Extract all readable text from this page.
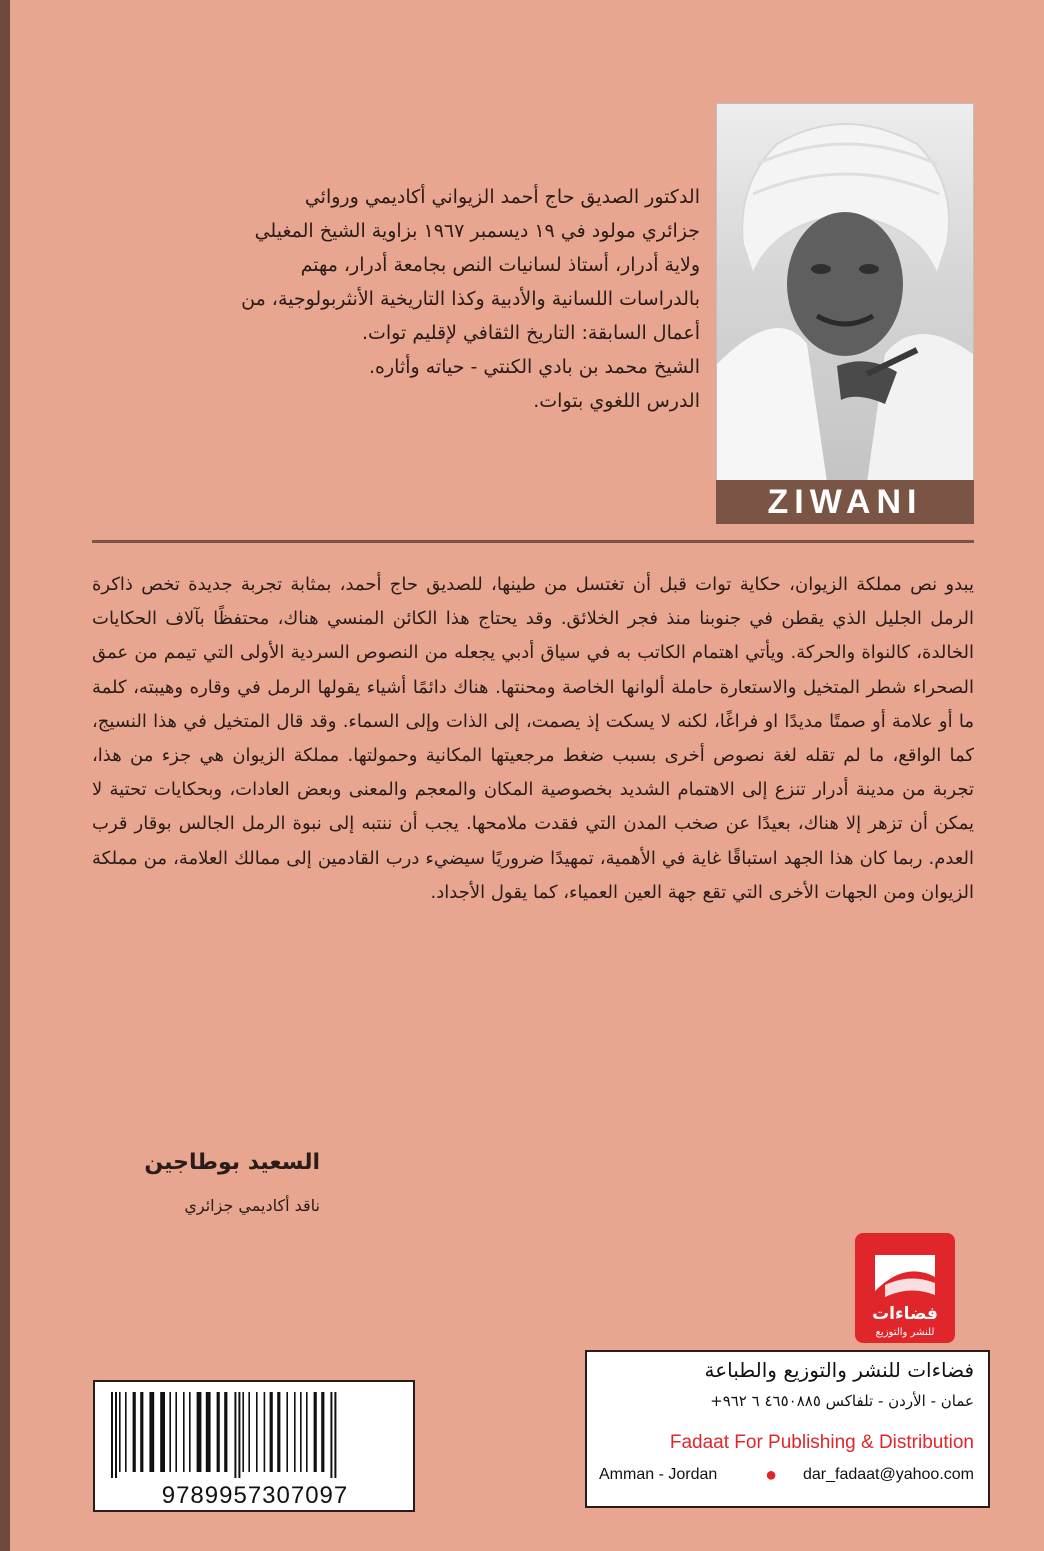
ZIWANI

الدكتور الصديق حاج أحمد الزيواني أكاديمي وروائي

جزائري مولود في ١٩ ديسمبر ١٩٦٧ بزاوية الشيخ المغيلي

ولاية أدرار، أستاذ لسانيات النص بجامعة أدرار، مهتم

بالدراسات اللسانية والأدبية وكذا التاريخية الأنثربولوجية، من

أعمال السابقة: التاريخ الثقافي لإقليم توات.

الشيخ محمد بن بادي الكنتي - حياته وأثاره.

الدرس اللغوي بتوات.

يبدو نص مملكة الزيوان، حكاية توات قبل أن تغتسل من طينها، للصديق حاج أحمد، بمثابة تجربة جديدة تخص ذاكرة الرمل الجليل الذي يقطن في جنوبنا منذ فجر الخلائق. وقد يحتاج هذا الكائن المنسي هناك، محتفظًا بآلاف الحكايات الخالدة، كالنواة والحركة. ويأتي اهتمام الكاتب به في سياق أدبي يجعله من النصوص السردية الأولى التي تيمم من عمق الصحراء شطر المتخيل والاستعارة حاملة ألوانها الخاصة ومحنتها. هناك دائمًا أشياء يقولها الرمل في وقاره وهيبته، كلمة ما أو علامة أو صمتًا مديدًا او فراغًا، لكنه لا يسكت إذ يصمت، إلى الذات وإلى السماء. وقد قال المتخيل في هذا النسيج، كما الواقع، ما لم تقله لغة نصوص أخرى بسبب ضغط مرجعيتها المكانية وحمولتها. مملكة الزيوان هي جزء من هذا، تجربة من مدينة أدرار تنزع إلى الاهتمام الشديد بخصوصية المكان والمعجم والمعنى وبعض العادات، وبحكايات تحتية لا يمكن أن تزهر إلا هناك، بعيدًا عن صخب المدن التي فقدت ملامحها. يجب أن ننتبه إلى نبوة الرمل الجالس بوقار قرب العدم. ربما كان هذا الجهد استباقًا غاية في الأهمية، تمهيدًا ضروريًا سيضيء درب القادمين إلى ممالك العلامة، من مملكة الزيوان ومن الجهات الأخرى التي تقع جهة العين العمياء، كما يقول الأجداد.
السعيد بوطاجين
ناقد أكاديمي جزائري
فضاءات
للنشر والتوزيع
9789957307097
فضاءات للنشر والتوزيع والطباعة
عمان - الأردن - تلفاكس ٤٦٥٠٨٨٥ ٦ ٩٦٢+
Fadaat For Publishing & Distribution
Amman - Jordan ● dar_fadaat@yahoo.com
